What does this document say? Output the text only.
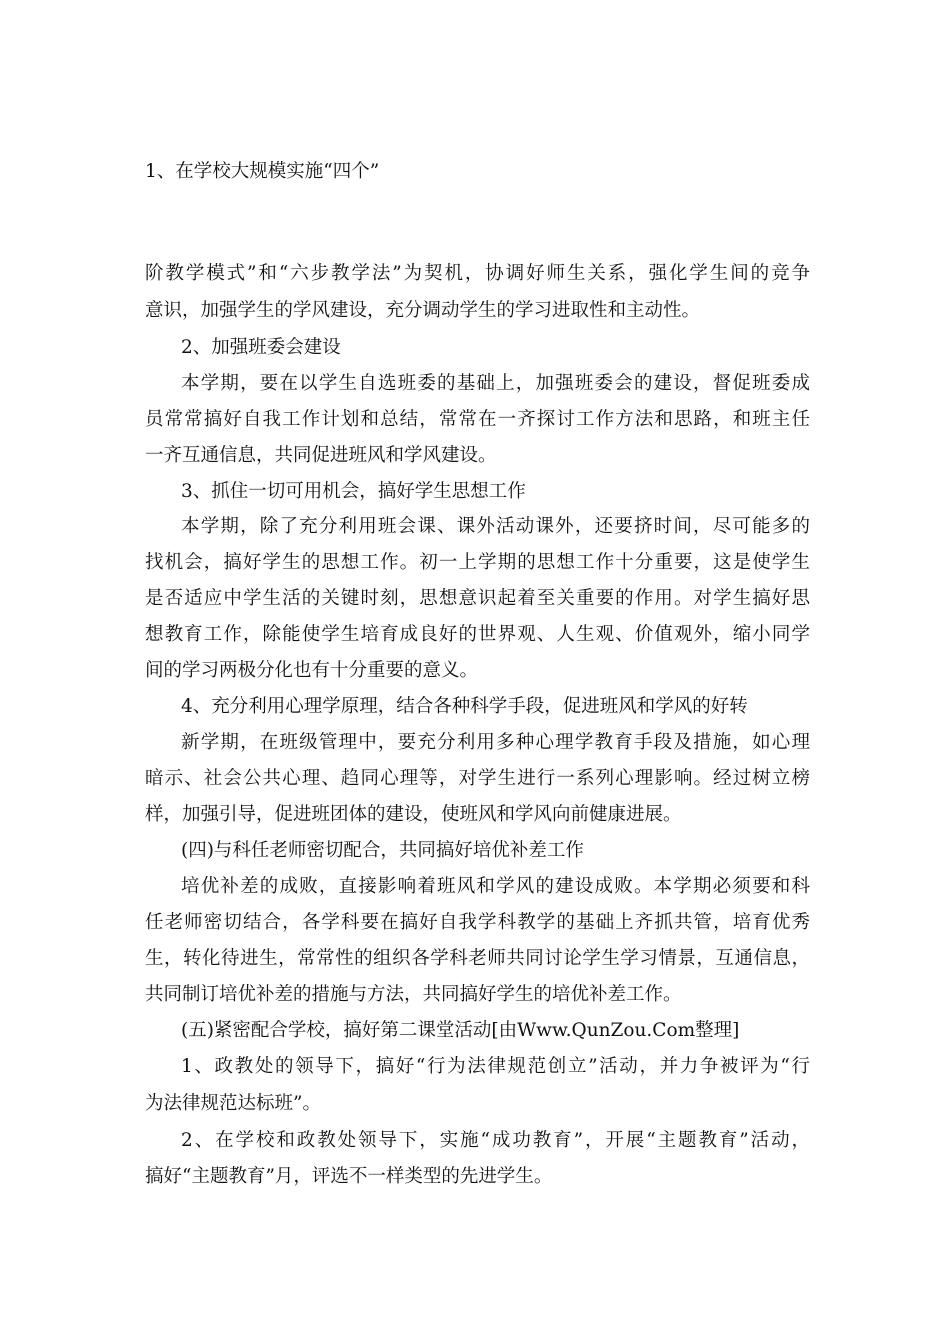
1、在学校大规模实施“四个”
阶教学模式”和“六步教学法”为契机，协调好师生关系，强化学生间的竞争
意识，加强学生的学风建设，充分调动学生的学习进取性和主动性。
2、加强班委会建设
本学期，要在以学生自选班委的基础上，加强班委会的建设，督促班委成
员常常搞好自我工作计划和总结，常常在一齐探讨工作方法和思路，和班主任
一齐互通信息，共同促进班风和学风建设。
3、抓住一切可用机会，搞好学生思想工作
本学期，除了充分利用班会课、课外活动课外，还要挤时间，尽可能多的
找机会，搞好学生的思想工作。初一上学期的思想工作十分重要，这是使学生
是否适应中学生活的关键时刻，思想意识起着至关重要的作用。对学生搞好思
想教育工作，除能使学生培育成良好的世界观、人生观、价值观外，缩小同学
间的学习两极分化也有十分重要的意义。
4、充分利用心理学原理，结合各种科学手段，促进班风和学风的好转
新学期，在班级管理中，要充分利用多种心理学教育手段及措施，如心理
暗示、社会公共心理、趋同心理等，对学生进行一系列心理影响。经过树立榜
样，加强引导，促进班团体的建设，使班风和学风向前健康进展。
(四)与科任老师密切配合，共同搞好培优补差工作
培优补差的成败，直接影响着班风和学风的建设成败。本学期必须要和科
任老师密切结合，各学科要在搞好自我学科教学的基础上齐抓共管，培育优秀
生，转化待进生，常常性的组织各学科老师共同讨论学生学习情景，互通信息，
共同制订培优补差的措施与方法，共同搞好学生的培优补差工作。
(五)紧密配合学校，搞好第二课堂活动[由Www.QunZou.Com整理]
1、政教处的领导下，搞好“行为法律规范创立”活动，并力争被评为“行
为法律规范达标班”。
2、在学校和政教处领导下，实施“成功教育”，开展“主题教育”活动，
搞好“主题教育”月，评选不一样类型的先进学生。
